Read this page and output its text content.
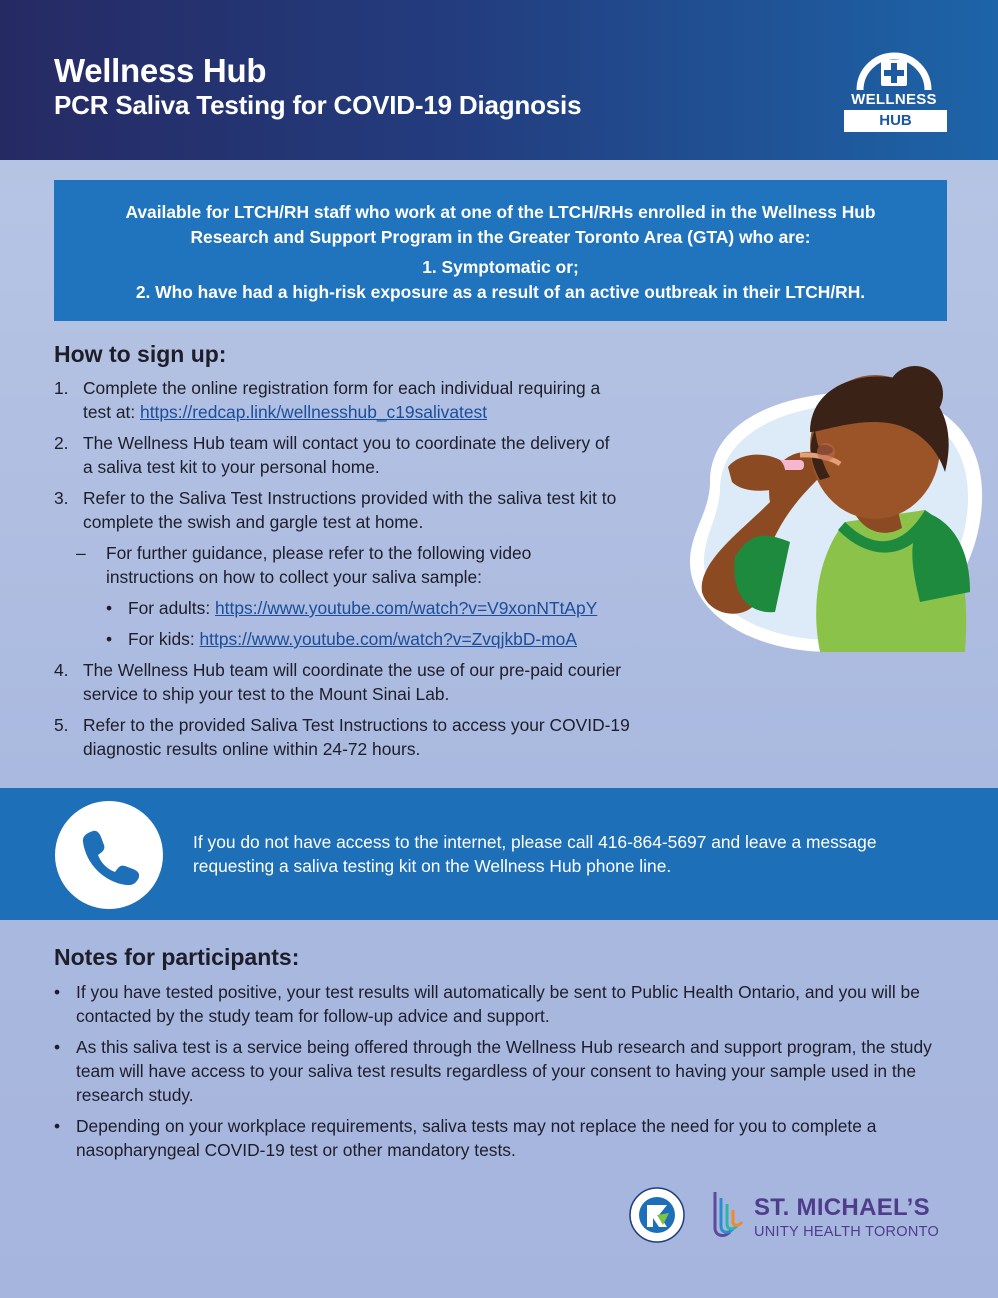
Wellness Hub
PCR Saliva Testing for COVID-19 Diagnosis	WELLNESS
HUB
Available for LTCH/RH staff who work at one of the LTCH/RHs enrolled in the Wellness Hub
Research and Support Program in the Greater Toronto Area (GTA) who are:
1. Symptomatic or;
2. Who have had a high-risk exposure as a result of an active outbreak in their LTCH/RH.
How to sign up:
1. Complete the online registration form for each individual requiring a test at: https://redcap.link/wellnesshub_c19salivatest
2. The Wellness Hub team will contact you to coordinate the delivery of a saliva test kit to your personal home.
3. Refer to the Saliva Test Instructions provided with the saliva test kit to complete the swish and gargle test at home.
– For further guidance, please refer to the following video instructions on how to collect your saliva sample:
• For adults: https://www.youtube.com/watch?v=V9xonNTtApY
• For kids: https://www.youtube.com/watch?v=ZvqjkbD-moA
4. The Wellness Hub team will coordinate the use of our pre-paid courier service to ship your test to the Mount Sinai Lab.
5. Refer to the provided Saliva Test Instructions to access your COVID-19 diagnostic results online within 24-72 hours.
If you do not have access to the internet, please call 416-864-5697 and leave a message requesting a saliva testing kit on the Wellness Hub phone line.
Notes for participants:
• If you have tested positive, your test results will automatically be sent to Public Health Ontario, and you will be contacted by the study team for follow-up advice and support.
• As this saliva test is a service being offered through the Wellness Hub research and support program, the study team will have access to your saliva test results regardless of your consent to having your sample used in the research study.
• Depending on your workplace requirements, saliva tests may not replace the need for you to complete a nasopharyngeal COVID-19 test or other mandatory tests.
ST. MICHAEL’S
UNITY HEALTH TORONTO
